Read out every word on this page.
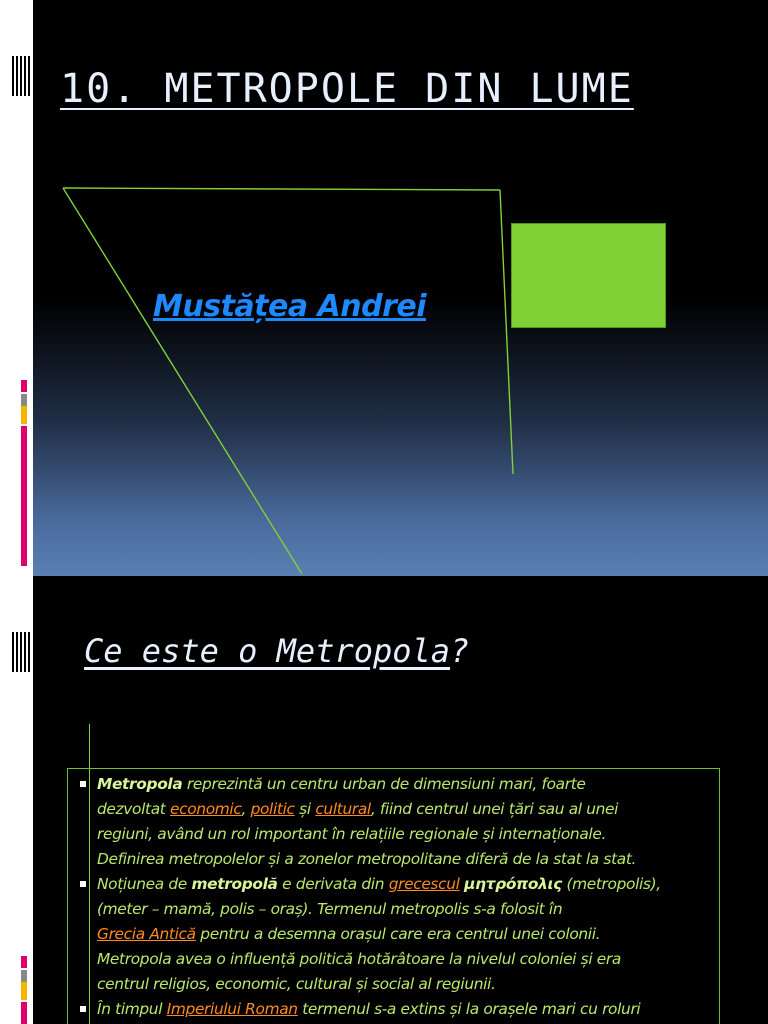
10. METROPOLE DIN LUME
Mustățea Andrei
Ce este o Metropola?
Metropola reprezintă un centru urban de dimensiuni mari, foarte
dezvoltat economic, politic și cultural, fiind centrul unei țări sau al unei
regiuni, având un rol important în relațiile regionale și internaționale.
Definirea metropolelor și a zonelor metropolitane diferă de la stat la stat.
Noțiunea de metropolă e derivata din grecescul μητρόπολις (metropolis),
(meter – mamă, polis – oraș). Termenul metropolis s-a folosit în
Grecia Antică pentru a desemna orașul care era centrul unei colonii.
Metropola avea o influență politică hotărâtoare la nivelul coloniei și era
centrul religios, economic, cultural și social al regiunii.
În timpul Imperiului Roman termenul s-a extins și la orașele mari cu roluri
